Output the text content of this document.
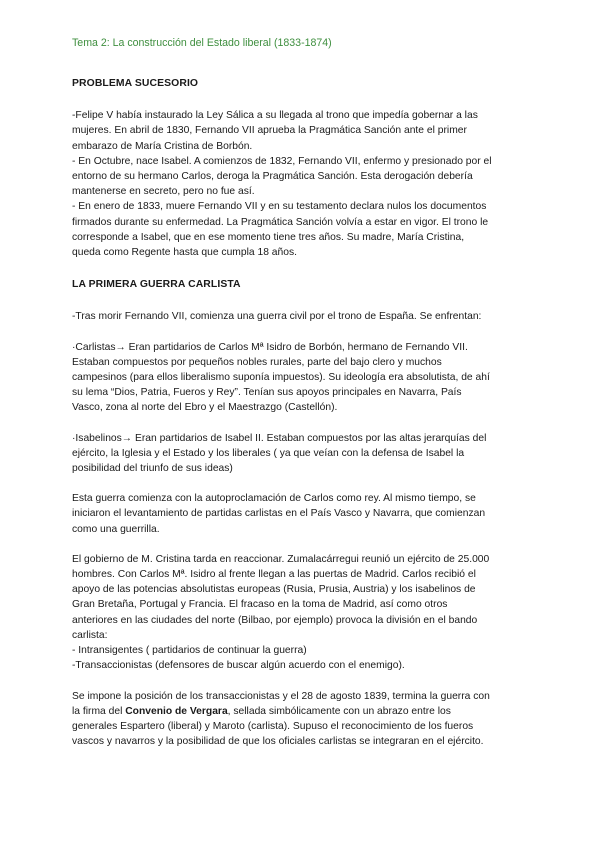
Tema 2: La construcción del Estado liberal (1833-1874)
PROBLEMA SUCESORIO
-Felipe V había instaurado la Ley Sálica a su llegada al trono que impedía gobernar a las
mujeres. En abril de 1830, Fernando VII aprueba la Pragmática Sanción ante el primer
embarazo de María Cristina de Borbón.
- En Octubre, nace Isabel. A comienzos de 1832, Fernando VII, enfermo y presionado por el
entorno de su hermano Carlos, deroga la Pragmática Sanción. Esta derogación debería
mantenerse en secreto, pero no fue así.
- En enero de 1833, muere Fernando VII y en su testamento declara nulos los documentos
firmados durante su enfermedad. La Pragmática Sanción volvía a estar en vigor. El trono le
corresponde a Isabel, que en ese momento tiene tres años. Su madre, María Cristina,
queda como Regente hasta que cumpla 18 años.
LA PRIMERA GUERRA CARLISTA
-Tras morir Fernando VII, comienza una guerra civil por el trono de España. Se enfrentan:
·Carlistas→ Eran partidarios de Carlos Mª Isidro de Borbón, hermano de Fernando VII.
Estaban compuestos por pequeños nobles rurales, parte del bajo clero y muchos
campesinos (para ellos liberalismo suponía impuestos). Su ideología era absolutista, de ahí
su lema “Dios, Patria, Fueros y Rey”. Tenían sus apoyos principales en Navarra, País
Vasco, zona al norte del Ebro y el Maestrazgo (Castellón).
·Isabelinos→ Eran partidarios de Isabel II. Estaban compuestos por las altas jerarquías del
ejército, la Iglesia y el Estado y los liberales ( ya que veían con la defensa de Isabel la
posibilidad del triunfo de sus ideas)
Esta guerra comienza con la autoproclamación de Carlos como rey. Al mismo tiempo, se
iniciaron el levantamiento de partidas carlistas en el País Vasco y Navarra, que comienzan
como una guerrilla.
El gobierno de M. Cristina tarda en reaccionar. Zumalacárregui reunió un ejército de 25.000
hombres. Con Carlos Mª. Isidro al frente llegan a las puertas de Madrid. Carlos recibió el
apoyo de las potencias absolutistas europeas (Rusia, Prusia, Austria) y los isabelinos de
Gran Bretaña, Portugal y Francia. El fracaso en la toma de Madrid, así como otros
anteriores en las ciudades del norte (Bilbao, por ejemplo) provoca la división en el bando
carlista:
- Intransigentes ( partidarios de continuar la guerra)
-Transaccionistas (defensores de buscar algún acuerdo con el enemigo).
Se impone la posición de los transaccionistas y el 28 de agosto 1839, termina la guerra con
la firma del Convenio de Vergara, sellada simbólicamente con un abrazo entre los
generales Espartero (liberal) y Maroto (carlista). Supuso el reconocimiento de los fueros
vascos y navarros y la posibilidad de que los oficiales carlistas se integraran en el ejército.
